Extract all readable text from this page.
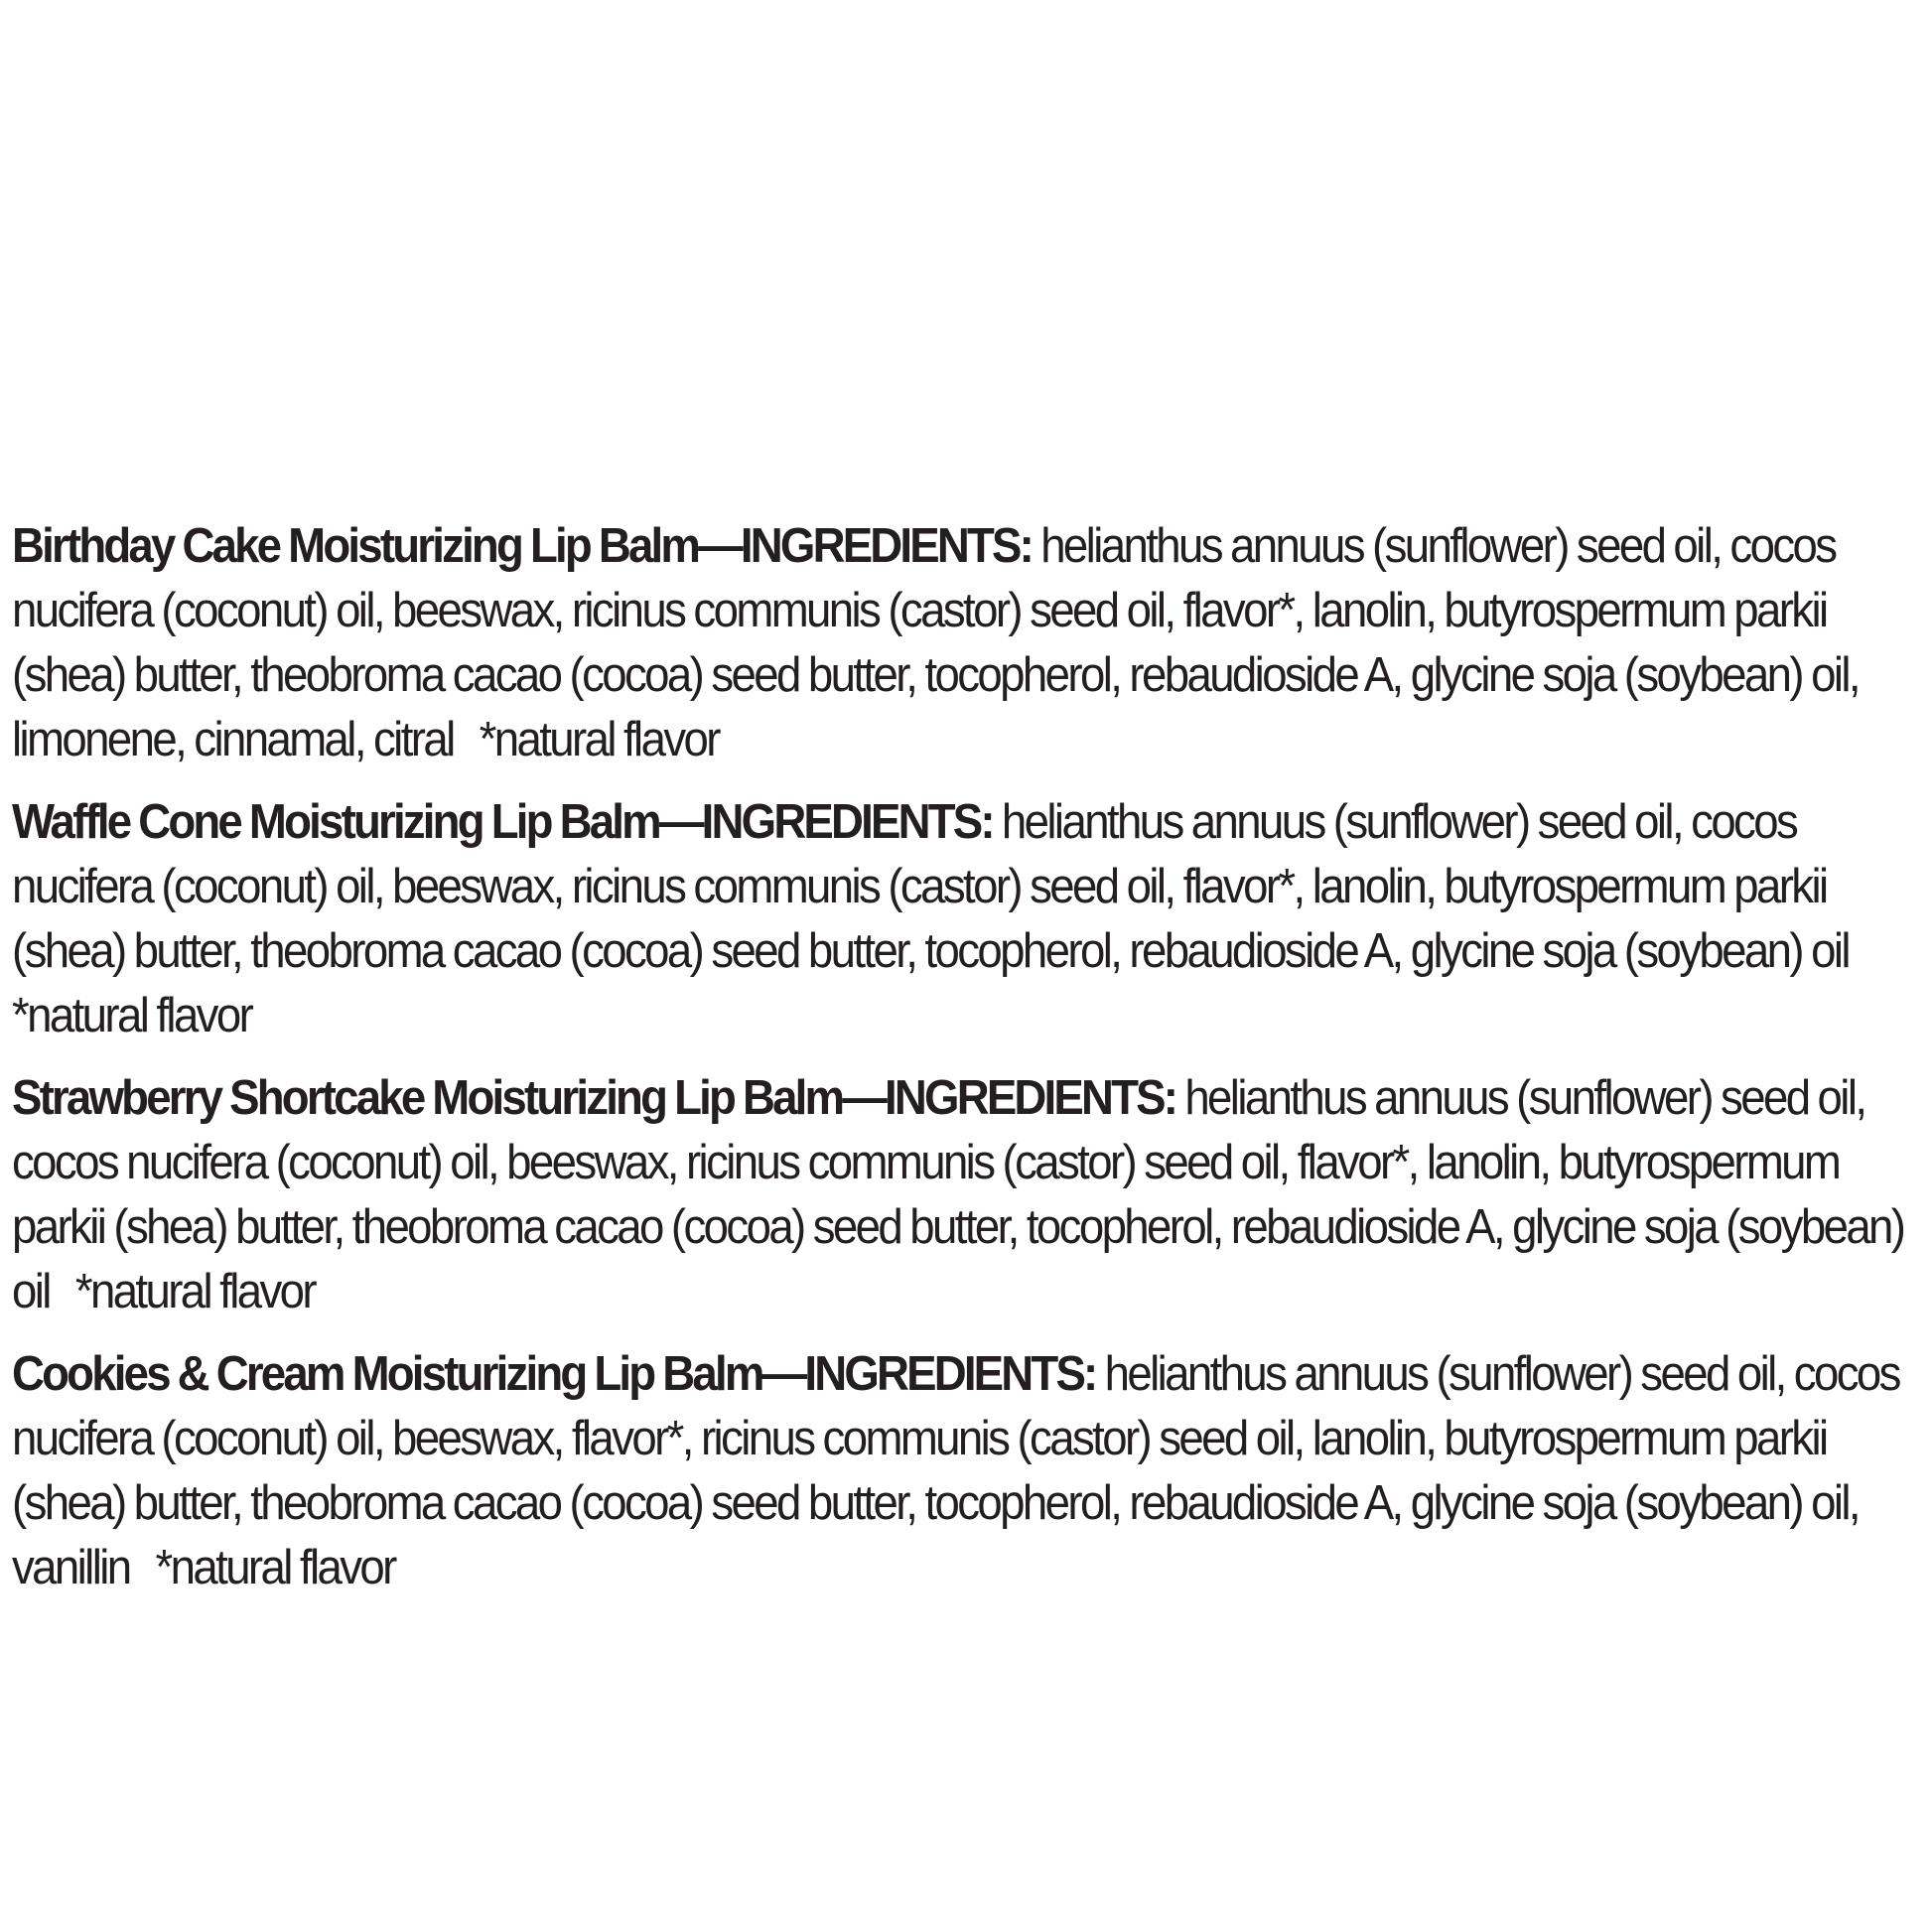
Birthday Cake Moisturizing Lip Balm—INGREDIENTS: helianthus annuus (sunflower) seed oil, cocos nucifera (coconut) oil, beeswax, ricinus communis (castor) seed oil, flavor*, lanolin, butyrospermum parkii (shea) butter, theobroma cacao (cocoa) seed butter, tocopherol, rebaudioside A, glycine soja (soybean) oil, limonene, cinnamal, citral *natural flavor

Waffle Cone Moisturizing Lip Balm—INGREDIENTS: helianthus annuus (sunflower) seed oil, cocos nucifera (coconut) oil, beeswax, ricinus communis (castor) seed oil, flavor*, lanolin, butyrospermum parkii (shea) butter, theobroma cacao (cocoa) seed butter, tocopherol, rebaudioside A, glycine soja (soybean) oil*natural flavor

Strawberry Shortcake Moisturizing Lip Balm—INGREDIENTS: helianthus annuus (sunflower) seed oil, cocos nucifera (coconut) oil, beeswax, ricinus communis (castor) seed oil, flavor*, lanolin, butyrospermum parkii (shea) butter, theobroma cacao (cocoa) seed butter, tocopherol, rebaudioside A, glycine soja (soybean) oil *natural flavor

Cookies & Cream Moisturizing Lip Balm—INGREDIENTS: helianthus annuus (sunflower) seed oil, cocos nucifera (coconut) oil, beeswax, flavor*, ricinus communis (castor) seed oil, lanolin, butyrospermum parkii (shea) butter, theobroma cacao (cocoa) seed butter, tocopherol, rebaudioside A, glycine soja (soybean) oil, vanillin *natural flavor
